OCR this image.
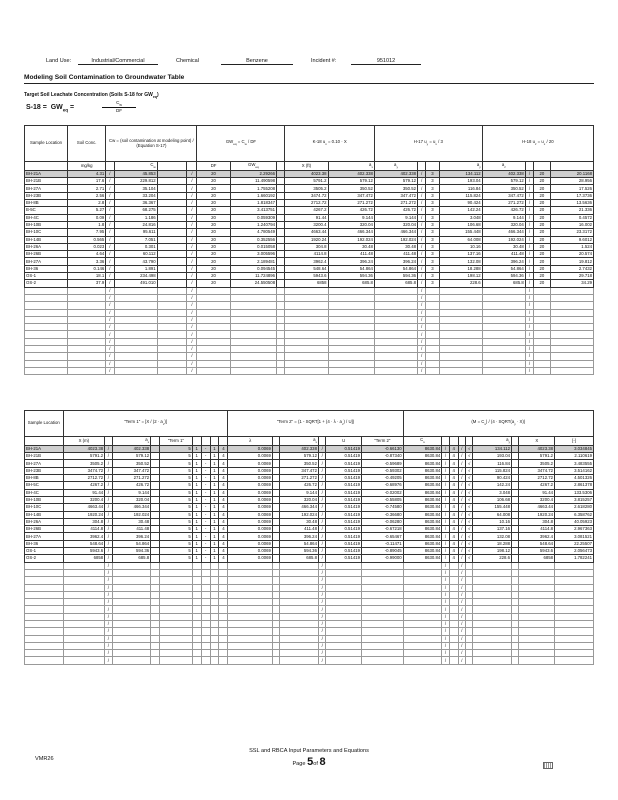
Land Use:	Industrial/Commercial	Chemical	Benzene	Incident #:	951012
Modeling Soil Contamination to Groundwater Table
Target Soil Leachate Concentration (Soils S-18 for $GW_{eq}$)
$S-18 = GW_{eq}$ =	$\frac{C_w}{DF}$
Sample Location	Soil Conc.	Cw = (soil contamination at modeling point) / (Equation S-17)				$GW_{eq} = C_w$ / DF			K-18 $u_x = 0.10 \cdot X$		H-17 $u_y = u_x / 3$				H-18 $u_z = u_x / 20$			
	mg/kg		$C_w$			DF	$GW_{eq}$		X (ft)	$a_x$	$a_y$			$a_y$	$a_z$			
BH-21A	4.31	/	45.853		/	20	2.29266		4023.38	402.338	402.338	/	3	134.112	402.338	/	20	20.1168
BH-21B	17.6	/	229.812		/	20	11.490598		5791.2	579.12	579.12	/	3	193.04	579.12	/	20	28.956
BH-27A	2.71	/	35.104		/	20	1.755208		3505.2	350.52	350.52	/	3	116.84	350.52	/	20	17.526
BH-23B	2.56	/	33.204		/	20	1.660192		3474.72	347.472	347.472	/	3	115.824	347.472	/	20	17.3736
BH-8B	2.8	/	36.367		/	20	1.818347		2712.72	271.272	271.272	/	3	90.424	271.272	/	20	13.5636
B-5C	5.27	/	68.275		/	20	3.413751		4267.2	426.72	426.72	/	3	142.24	426.72	/	20	21.336
BH-4C	0.09	/	1.186		/	20	0.059309		91.44	9.144	9.144	/	3	3.048	9.144	/	20	0.4572
BH-10B	1.8	/	24.816		/	20	1.240794		3200.4	320.04	320.04	/	3	106.68	320.04	/	20	16.002
BH-10C	7.95	/	95.611		/	20	4.780549		4663.44	466.344	466.344	/	3	155.448	466.344	/	20	23.3172
BH-14B	0.565	/	7.051		/	20	0.352556		1920.24	192.024	192.024	/	3	64.008	192.024	/	20	9.6012
BH-26A	0.023	/	0.301		/	20	0.015058		304.8	30.48	30.48	/	3	10.16	30.48	/	20	1.524
BH-26B	4.64	/	60.112		/	20	3.005596		4114.8	411.48	411.48	/	3	137.16	411.48	/	20	20.574
BH-27A	3.36	/	43.790		/	20	2.189481		3962.4	396.24	396.24	/	3	132.08	396.24	/	20	19.812
BH-36	0.146	/	1.891		/	20	0.094545		548.64	54.864	54.864	/	3	18.288	54.864	/	20	2.7432
OS-1	18.1	/	234.498		/	20	11.724896		5943.6	594.36	594.36	/	3	198.12	594.36	/	20	29.718
OS-2	37.9	/	491.010		/	20	24.550508		6858	685.8	685.8	/	3	228.6	685.8	/	20	34.29
		/			/							/				/		
		/			/							/				/		
		/			/							/				/		
		/			/							/				/		
		/			/							/				/		
		/			/							/				/		
		/			/							/				/		
		/			/							/				/		
		/			/							/				/		
		/			/							/				/		
		/			/							/				/		
		/			/							/				/		
Sample Location	"Term 1" = $[X / (2 \cdot a_x)]$									"Term 2" = (1 - SQRT[1 + $(4 \cdot \lambda \cdot a_x) / U$])						$(M = C_s) / (4$ · $SQRT(a_y \cdot X)$)								
	X (m)		$a_x$		"Term 1"					λ		$a_x$		U	"Term 2"	$C_s$					$a_y$		X	[-]
BH-21A	4023.38	/	402.338		5	1	-	1	4	0.0069		402.338	/	0.51419	-0.66130	8630.84	/	4	/	√	134.112		4023.38	3.034845
BH-21B	5791.2	/	579.12		5	1	-	1	4	0.0069		579.12	/	0.51419	-0.87340	8630.84	/	4	/	√	193.04		5791.2	2.110619
BH-27A	3505.2	/	350.52		5	1	-	1	4	0.0069		350.52	/	0.51419	-0.59689	8630.84	/	4	/	√	116.84		3505.2	3.483555
BH-23B	3474.72	/	347.472		5	1	-	1	4	0.0069		347.472	/	0.51419	-0.59302	8630.84	/	4	/	√	115.824		3474.72	3.514162
BH-8B	2712.72	/	271.272		5	1	-	1	4	0.0069		271.272	/	0.51419	-0.49205	8630.84	/	4	/	√	90.424		2712.72	4.501326
BH-5C	4267.2	/	426.72		5	1	-	1	4	0.0069		426.72	/	0.51419	-0.68976	8630.84	/	4	/	√	142.24		4267.2	2.861378
BH-4C	91.44	/	9.144		5	1	-	1	4	0.0069		9.144	/	0.51419	-0.02002	8630.84	/	4	/	√	3.048		91.44	133.5306
BH-10B	3200.4	/	320.04		5	1	-	1	4	0.0069		320.04	/	0.51419	-0.55805	8630.84	/	4	/	√	106.68		3200.4	3.815257
BH-10C	4663.44	/	466.344		5	1	-	1	4	0.0069		466.344	/	0.51419	-0.74580	8630.84	/	4	/	√	155.448		4663.44	2.618280
BH-14B	1920.24	/	192.024		5	1	-	1	4	0.0069		192.024	/	0.51419	-0.36680	8630.84	/	4	/	√	64.008		1920.24	6.358762
BH-26A	304.8	/	30.48		5	1	-	1	4	0.0069		30.48	/	0.51419	-0.06280	8630.84	/	4	/	√	10.16		304.8	40.05923
BH-26B	4114.8	/	411.48		5	1	-	1	4	0.0069		411.48	/	0.51419	-0.67218	8630.84	/	4	/	√	137.16		4114.8	2.967363
BH-27A	3962.4	/	396.24		5	1	-	1	4	0.0069		396.24	/	0.51419	-0.65467	8630.84	/	4	/	√	132.08		3962.4	3.081521
BH-36	548.64	/	54.864		5	1	-	1	4	0.0069		54.864	/	0.51419	-0.11471	8630.84	/	4	/	√	18.288		548.64	22.25507
OS-1	5943.6	/	594.36		5	1	-	1	4	0.0069		594.36	/	0.51419	-0.89045	8630.84	/	4	/	√	198.12		5943.6	2.056473
OS-2	6858	/	685.8		5	1	-	1	4	0.0069		685.8	/	0.51419	-0.99000	8630.84	/	4	/	√	228.6		6858	1.782241
		/											/				/		/					
		/											/				/		/					
		/											/				/		/					
		/											/				/		/					
		/											/				/		/					
		/											/				/		/					
		/											/				/		/					
		/											/				/		/					
		/											/				/		/					
		/											/				/		/					
		/											/				/		/					
		/											/				/		/					
		/											/				/		/					
		/											/				/		/					
VMR26
SSL and RBCA Input Parameters and Equations
Page 5of 8
